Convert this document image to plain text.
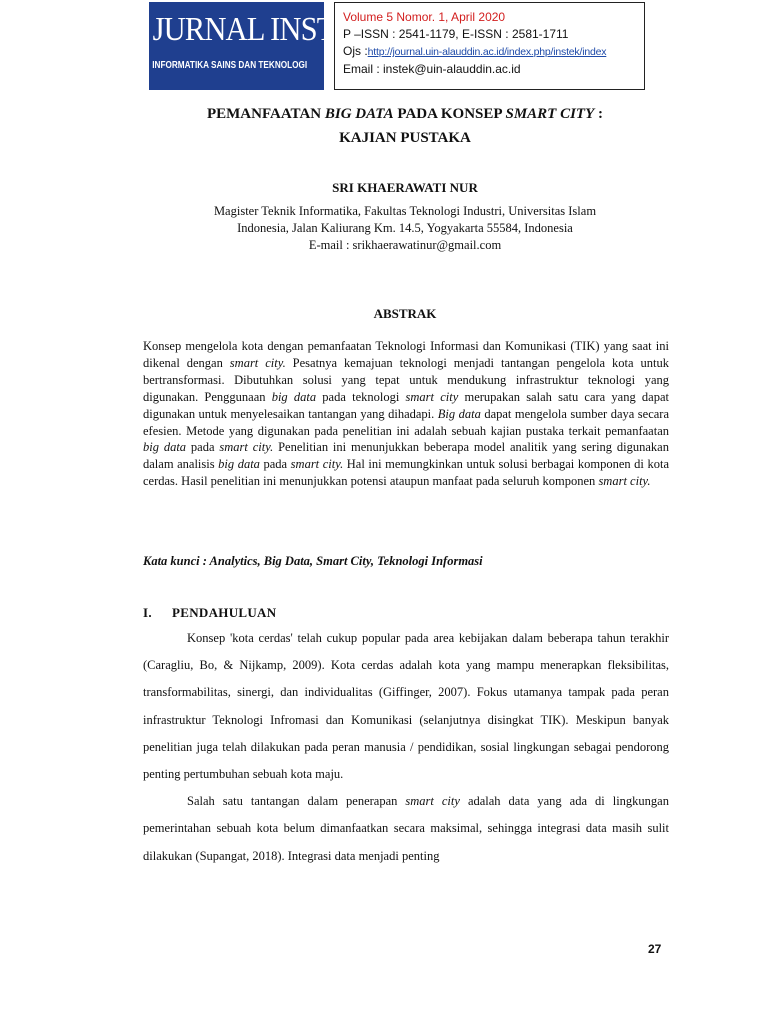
JURNAL INSTEK
INFORMATIKA SAINS DAN TEKNOLOGI
Volume 5 Nomor. 1, April 2020
P –ISSN : 2541-1179, E-ISSN : 2581-1711
Ojs :http://journal.uin-alauddin.ac.id/index.php/instek/index
Email : instek@uin-alauddin.ac.id
PEMANFAATAN BIG DATA PADA KONSEP SMART CITY :
KAJIAN PUSTAKA
SRI KHAERAWATI NUR
Magister Teknik Informatika, Fakultas Teknologi Industri, Universitas Islam
Indonesia, Jalan Kaliurang Km. 14.5, Yogyakarta 55584, Indonesia
E-mail : srikhaerawatinur@gmail.com
ABSTRAK
Konsep mengelola kota dengan pemanfaatan Teknologi Informasi dan Komunikasi (TIK) yang saat ini dikenal dengan smart city. Pesatnya kemajuan teknologi menjadi tantangan pengelola kota untuk bertransformasi. Dibutuhkan solusi yang tepat untuk mendukung infrastruktur teknologi yang digunakan. Penggunaan big data pada teknologi smart city merupakan salah satu cara yang dapat digunakan untuk menyelesaikan tantangan yang dihadapi. Big data dapat mengelola sumber daya secara efesien. Metode yang digunakan pada penelitian ini adalah sebuah kajian pustaka terkait pemanfaatan big data pada smart city. Penelitian ini menunjukkan beberapa model analitik yang sering digunakan dalam analisis big data pada smart city. Hal ini memungkinkan untuk solusi berbagai komponen di kota cerdas. Hasil penelitian ini menunjukkan potensi ataupun manfaat pada seluruh komponen smart city.
Kata kunci : Analytics, Big Data, Smart City, Teknologi Informasi
I. PENDAHULUAN

Konsep 'kota cerdas' telah cukup popular pada area kebijakan dalam beberapa tahun terakhir (Caragliu, Bo, & Nijkamp, 2009). Kota cerdas adalah kota yang mampu menerapkan fleksibilitas, transformabilitas, sinergi, dan individualitas (Giffinger, 2007). Fokus utamanya tampak pada peran infrastruktur Teknologi Infromasi dan Komunikasi (selanjutnya disingkat TIK). Meskipun banyak penelitian juga telah dilakukan pada peran manusia / pendidikan, sosial lingkungan sebagai pendorong penting pertumbuhan sebuah kota maju.

Salah satu tantangan dalam penerapan smart city adalah data yang ada di lingkungan pemerintahan sebuah kota belum dimanfaatkan secara maksimal, sehingga integrasi data masih sulit dilakukan (Supangat, 2018). Integrasi data menjadi penting

27
